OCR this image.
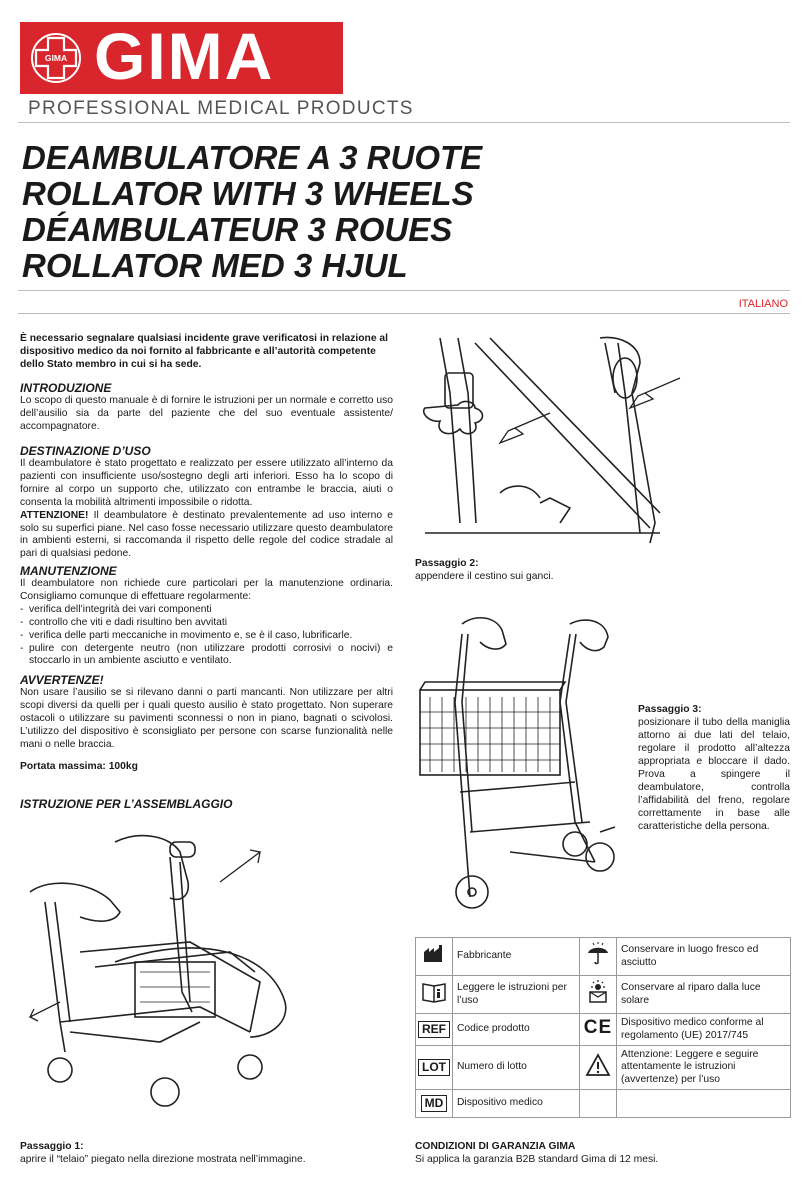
GIMA GIMA
PROFESSIONAL MEDICAL PRODUCTS
DEAMBULATORE A 3 RUOTE
ROLLATOR WITH 3 WHEELS
DÉAMBULATEUR 3 ROUES
ROLLATOR MED 3 HJUL
ITALIANO
È necessario segnalare qualsiasi incidente grave verificatosi in relazione al dispositivo medico da noi fornito al fabbricante e all’autorità competente dello Stato membro in cui si ha sede.
INTRODUZIONE

Lo scopo di questo manuale è di fornire le istruzioni per un normale e corretto uso dell’ausilio sia da parte del paziente che del suo eventuale assistente/ accompagnatore.

DESTINAZIONE D’USO

Il deambulatore è stato progettato e realizzato per essere utilizzato all’interno da pazienti con insufficiente uso/sostegno degli arti inferiori. Esso ha lo scopo di fornire al corpo un supporto che, utilizzato con entrambe le braccia, aiuti o consenta la mobilità altrimenti impossibile o ridotta.

ATTENZIONE! Il deambulatore è destinato prevalentemente ad uso interno e solo su superfici piane. Nel caso fosse necessario utilizzare questo deambulatore in ambienti esterni, si raccomanda il rispetto delle regole del codice stradale al pari di qualsiasi pedone.

MANUTENZIONE

Il deambulatore non richiede cure particolari per la manutenzione ordinaria. Consigliamo comunque di effettuare regolarmente:

- verifica dell’integrità dei vari componenti
- controllo che viti e dadi risultino ben avvitati
- verifica delle parti meccaniche in movimento e, se è il caso, lubrificarle.
- pulire con detergente neutro (non utilizzare prodotti corrosivi o nocivi) e stoccarlo in un ambiente asciutto e ventilato.
AVVERTENZE!

Non usare l’ausilio se si rilevano danni o parti mancanti. Non utilizzare per altri scopi diversi da quelli per i quali questo ausilio è stato progettato. Non superare ostacoli o utilizzare su pavimenti sconnessi o non in piano, bagnati o scivolosi. L’utilizzo del dispositivo è sconsigliato per persone con scarse funzionalità nelle mani o nelle braccia.

Portata massima: 100kg
ISTRUZIONE PER L’ASSEMBLAGGIO
Passaggio 2:
appendere il cestino sui ganci.
Passaggio 3:
posizionare il tubo della maniglia attorno ai due lati del telaio, regolare il prodotto all’altezza appropriata e bloccare il dado. Prova a spingere il deambulatore, controlla l’affidabilità del freno, regolare correttamente in base alle caratteristiche della persona.
	Fabbricante		Conservare in luogo fresco ed asciutto
	Leggere le istruzioni per l’uso		Conservare al riparo dalla luce solare
REF	Codice prodotto	CE	Dispositivo medico conforme al regolamento (UE) 2017/745
LOT	Numero di lotto		Attenzione: Leggere e seguire attentamente le istruzioni (avvertenze) per l’uso
MD	Dispositivo medico		
Passaggio 1:
aprire il “telaio” piegato nella direzione mostrata nell’immagine.
CONDIZIONI DI GARANZIA GIMA
Si applica la garanzia B2B standard Gima di 12 mesi.
